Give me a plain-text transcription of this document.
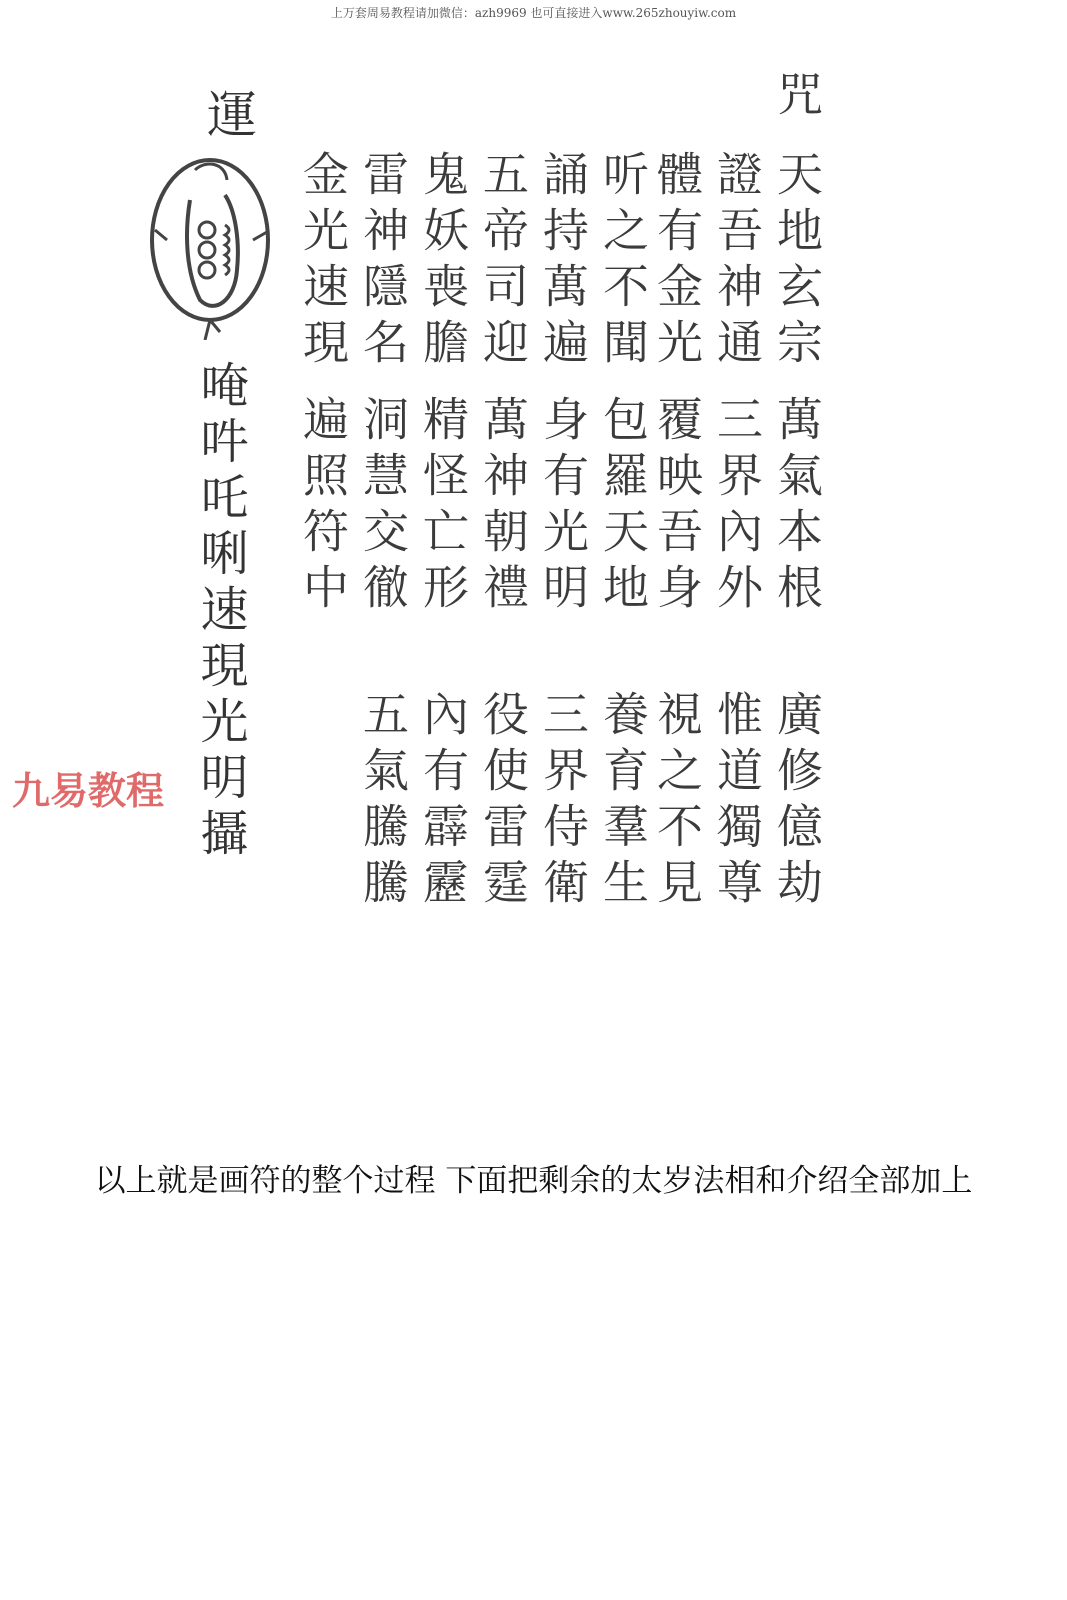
上万套周易教程请加微信：azh9969 也可直接进入www.265zhouyiw.com
咒
天地玄宗
證吾神通
體有金光
听之不聞
誦持萬遍
五帝司迎
鬼妖喪膽
雷神隱名
金光速現
萬氣本根
三界內外
覆映吾身
包羅天地
身有光明
萬神朝禮
精怪亡形
洞慧交徹
遍照符中
廣修億劫
惟道獨尊
視之不見
養育羣生
三界侍衛
役使雷霆
內有霹靂
五氣騰騰
運
唵吽吒唎速現光明攝
九易教程
以上就是画符的整个过程 下面把剩余的太岁法相和介绍全部加上
